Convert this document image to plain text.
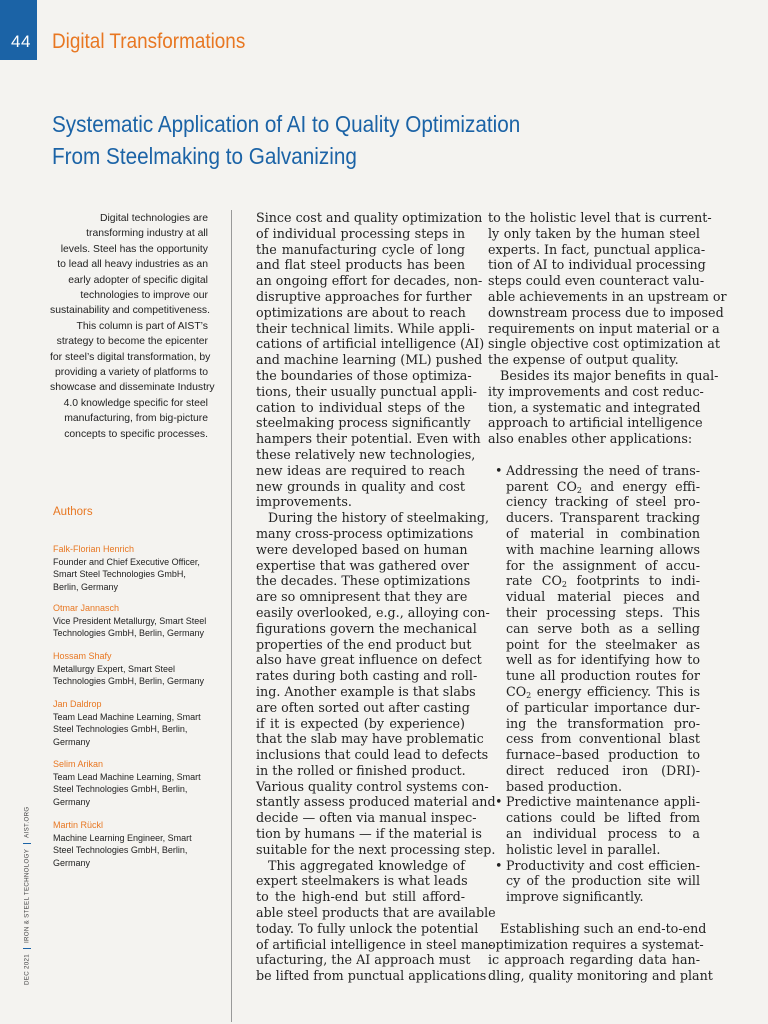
44 Digital Transformations
Systematic Application of AI to Quality Optimization
From Steelmaking to Galvanizing
Digital technologies are
transforming industry at all
levels. Steel has the opportunity
to lead all heavy industries as an
early adopter of specific digital
technologies to improve our
sustainability and competitiveness.
This column is part of AIST’s
strategy to become the epicenter
for steel’s digital transformation, by
providing a variety of platforms to
showcase and disseminate Industry
4.0 knowledge specific for steel
manufacturing, from big-picture
concepts to specific processes.
Authors
Falk-Florian Henrich
Founder and Chief Executive Officer,
Smart Steel Technologies GmbH,
Berlin, Germany
Otmar Jannasch
Vice President Metallurgy, Smart Steel
Technologies GmbH, Berlin, Germany
Hossam Shafy
Metallurgy Expert, Smart Steel
Technologies GmbH, Berlin, Germany
Jan Daldrop
Team Lead Machine Learning, Smart
Steel Technologies GmbH, Berlin,
Germany
Selim Arikan
Team Lead Machine Learning, Smart
Steel Technologies GmbH, Berlin,
Germany
Martin Rückl
Machine Learning Engineer, Smart
Steel Technologies GmbH, Berlin,
Germany
DEC 2021IRON & STEEL TECHNOLOGYAIST.ORG
Since cost and quality optimization
of individual processing steps in
the manufacturing cycle of long
and flat steel products has been
an ongoing effort for decades, non-
disruptive approaches for further
optimizations are about to reach
their technical limits. While appli-
cations of artificial intelligence (AI)
and machine learning (ML) pushed
the boundaries of those optimiza-
tions, their usually punctual appli-
cation to individual steps of the
steelmaking process significantly
hampers their potential. Even with
these relatively new technologies,
new ideas are required to reach
new grounds in quality and cost
improvements.
During the history of steelmaking,
many cross-process optimizations
were developed based on human
expertise that was gathered over
the decades. These optimizations
are so omnipresent that they are
easily overlooked, e.g., alloying con-
figurations govern the mechanical
properties of the end product but
also have great influence on defect
rates during both casting and roll-
ing. Another example is that slabs
are often sorted out after casting
if it is expected (by experience)
that the slab may have problematic
inclusions that could lead to defects
in the rolled or finished product.
Various quality control systems con-
stantly assess produced material and
decide — often via manual inspec-
tion by humans — if the material is
suitable for the next processing step.
This aggregated knowledge of
expert steelmakers is what leads
to the high-end but still afford-
able steel products that are available
today. To fully unlock the potential
of artificial intelligence in steel man-
ufacturing, the AI approach must
be lifted from punctual applications
to the holistic level that is current-
ly only taken by the human steel
experts. In fact, punctual applica-
tion of AI to individual processing
steps could even counteract valu-
able achievements in an upstream or
downstream process due to imposed
requirements on input material or a
single objective cost optimization at
the expense of output quality.
Besides its major benefits in qual-
ity improvements and cost reduc-
tion, a systematic and integrated
approach to artificial intelligence
also enables other applications:
• Addressing the need of trans-
parent $CO_2$ and energy effi-
ciency tracking of steel pro-
ducers. Transparent tracking
of material in combination
with machine learning allows
for the assignment of accu-
rate $CO_2$ footprints to indi-
vidual material pieces and
their processing steps. This
can serve both as a selling
point for the steelmaker as
well as for identifying how to
tune all production routes for
$CO_2$ energy efficiency. This is
of particular importance dur-
ing the transformation pro-
cess from conventional blast
furnace–based production to
direct reduced iron (DRI)-
based production.
• Predictive maintenance appli-
cations could be lifted from
an individual process to a
holistic level in parallel.
• Productivity and cost efficien-
cy of the production site will
improve significantly.
Establishing such an end-to-end
optimization requires a systemat-
ic approach regarding data han-
dling, quality monitoring and plant
